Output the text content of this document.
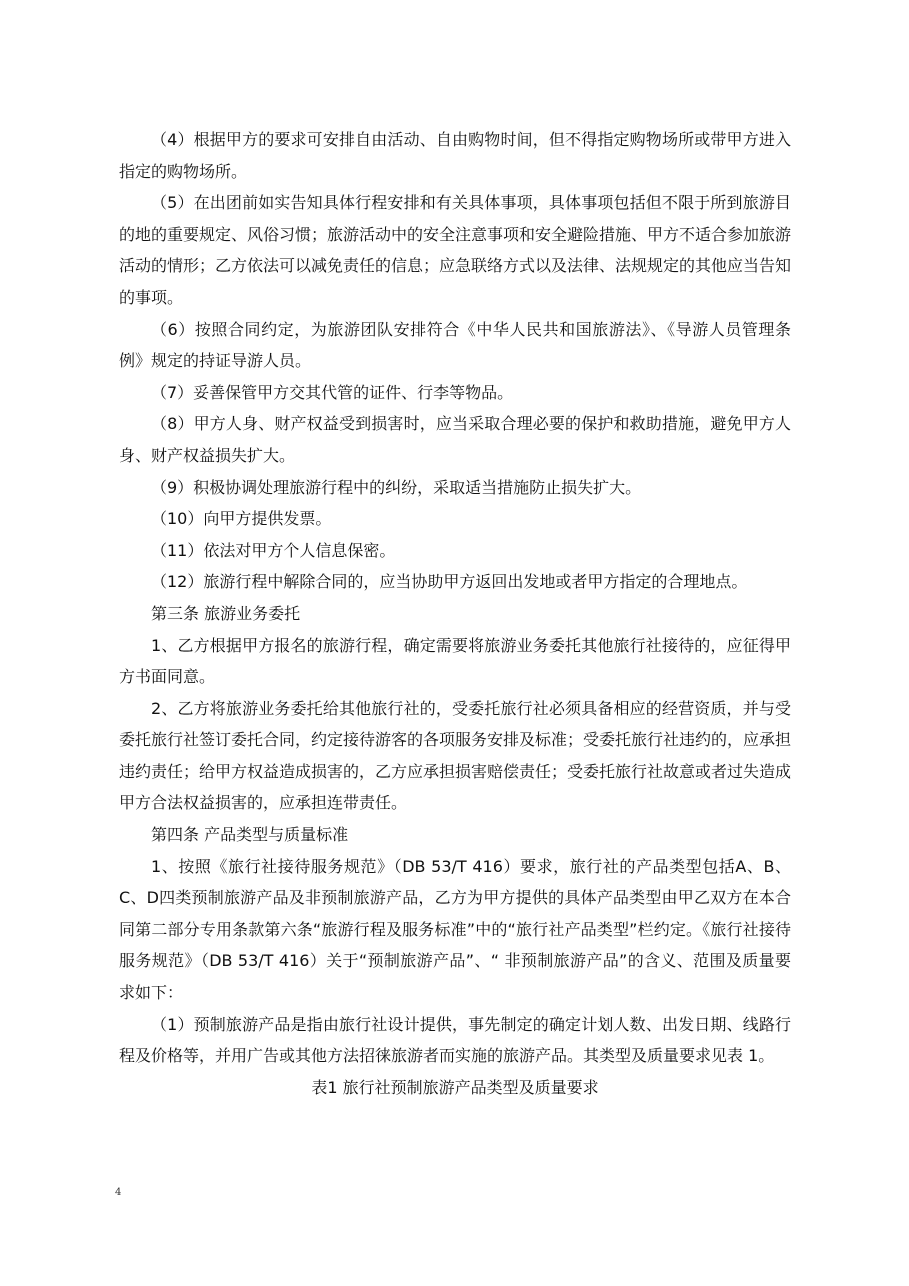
（4）根据甲方的要求可安排自由活动、自由购物时间，但不得指定购物场所或带甲方进入指定的购物场所。

（5）在出团前如实告知具体行程安排和有关具体事项，具体事项包括但不限于所到旅游目的地的重要规定、风俗习惯；旅游活动中的安全注意事项和安全避险措施、甲方不适合参加旅游活动的情形；乙方依法可以减免责任的信息；应急联络方式以及法律、法规规定的其他应当告知的事项。

（6）按照合同约定，为旅游团队安排符合《中华人民共和国旅游法》、《导游人员管理条例》规定的持证导游人员。

（7）妥善保管甲方交其代管的证件、行李等物品。

（8）甲方人身、财产权益受到损害时，应当采取合理必要的保护和救助措施，避免甲方人身、财产权益损失扩大。

（9）积极协调处理旅游行程中的纠纷，采取适当措施防止损失扩大。

（10）向甲方提供发票。

（11）依法对甲方个人信息保密。

（12）旅游行程中解除合同的，应当协助甲方返回出发地或者甲方指定的合理地点。

第三条 旅游业务委托

1、乙方根据甲方报名的旅游行程，确定需要将旅游业务委托其他旅行社接待的，应征得甲方书面同意。

2、乙方将旅游业务委托给其他旅行社的，受委托旅行社必须具备相应的经营资质，并与受委托旅行社签订委托合同，约定接待游客的各项服务安排及标准；受委托旅行社违约的，应承担违约责任；给甲方权益造成损害的，乙方应承担损害赔偿责任；受委托旅行社故意或者过失造成甲方合法权益损害的，应承担连带责任。

第四条 产品类型与质量标准

1、按照《旅行社接待服务规范》（DB 53/T 416）要求，旅行社的产品类型包括A、B、C、D四类预制旅游产品及非预制旅游产品，乙方为甲方提供的具体产品类型由甲乙双方在本合同第二部分专用条款第六条“旅游行程及服务标准”中的“旅行社产品类型”栏约定。《旅行社接待服务规范》（DB 53/T 416）关于“预制旅游产品”、“ 非预制旅游产品”的含义、范围及质量要求如下：

（1）预制旅游产品是指由旅行社设计提供，事先制定的确定计划人数、出发日期、线路行程及价格等，并用广告或其他方法招徕旅游者而实施的旅游产品。其类型及质量要求见表 1。

表1 旅行社预制旅游产品类型及质量要求

4
